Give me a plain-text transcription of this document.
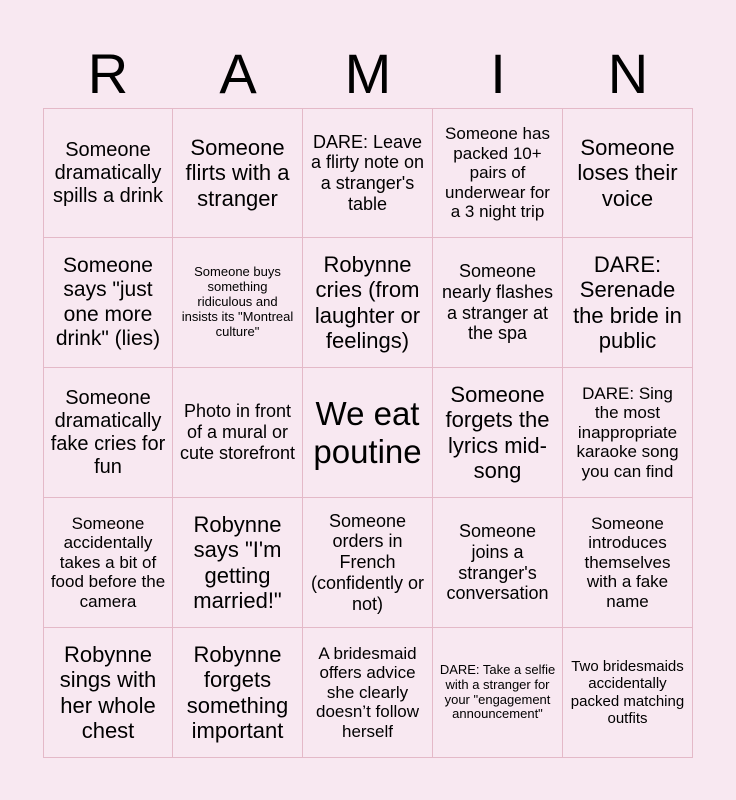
R	A	M	I	N
Someone dramatically spills a drink
Someone flirts with a stranger
DARE: Leave a flirty note on a stranger's table
Someone has packed 10+ pairs of underwear for a 3 night trip
Someone loses their voice
Someone says "just one more drink" (lies)
Someone buys something ridiculous and insists its "Montreal culture"
Robynne cries (from laughter or feelings)
Someone nearly flashes a stranger at the spa
DARE: Serenade the bride in public
Someone dramatically fake cries for fun
Photo in front of a mural or cute storefront
We eat poutine
Someone forgets the lyrics mid-song
DARE: Sing the most inappropriate karaoke song you can find
Someone accidentally takes a bit of food before the camera
Robynne says "I'm getting married!"
Someone orders in French (confidently or not)
Someone joins a stranger's conversation
Someone introduces themselves with a fake name
Robynne sings with her whole chest
Robynne forgets something important
A bridesmaid offers advice she clearly doesn’t follow herself
DARE: Take a selfie with a stranger for your "engagement announcement"
Two bridesmaids accidentally packed matching outfits
